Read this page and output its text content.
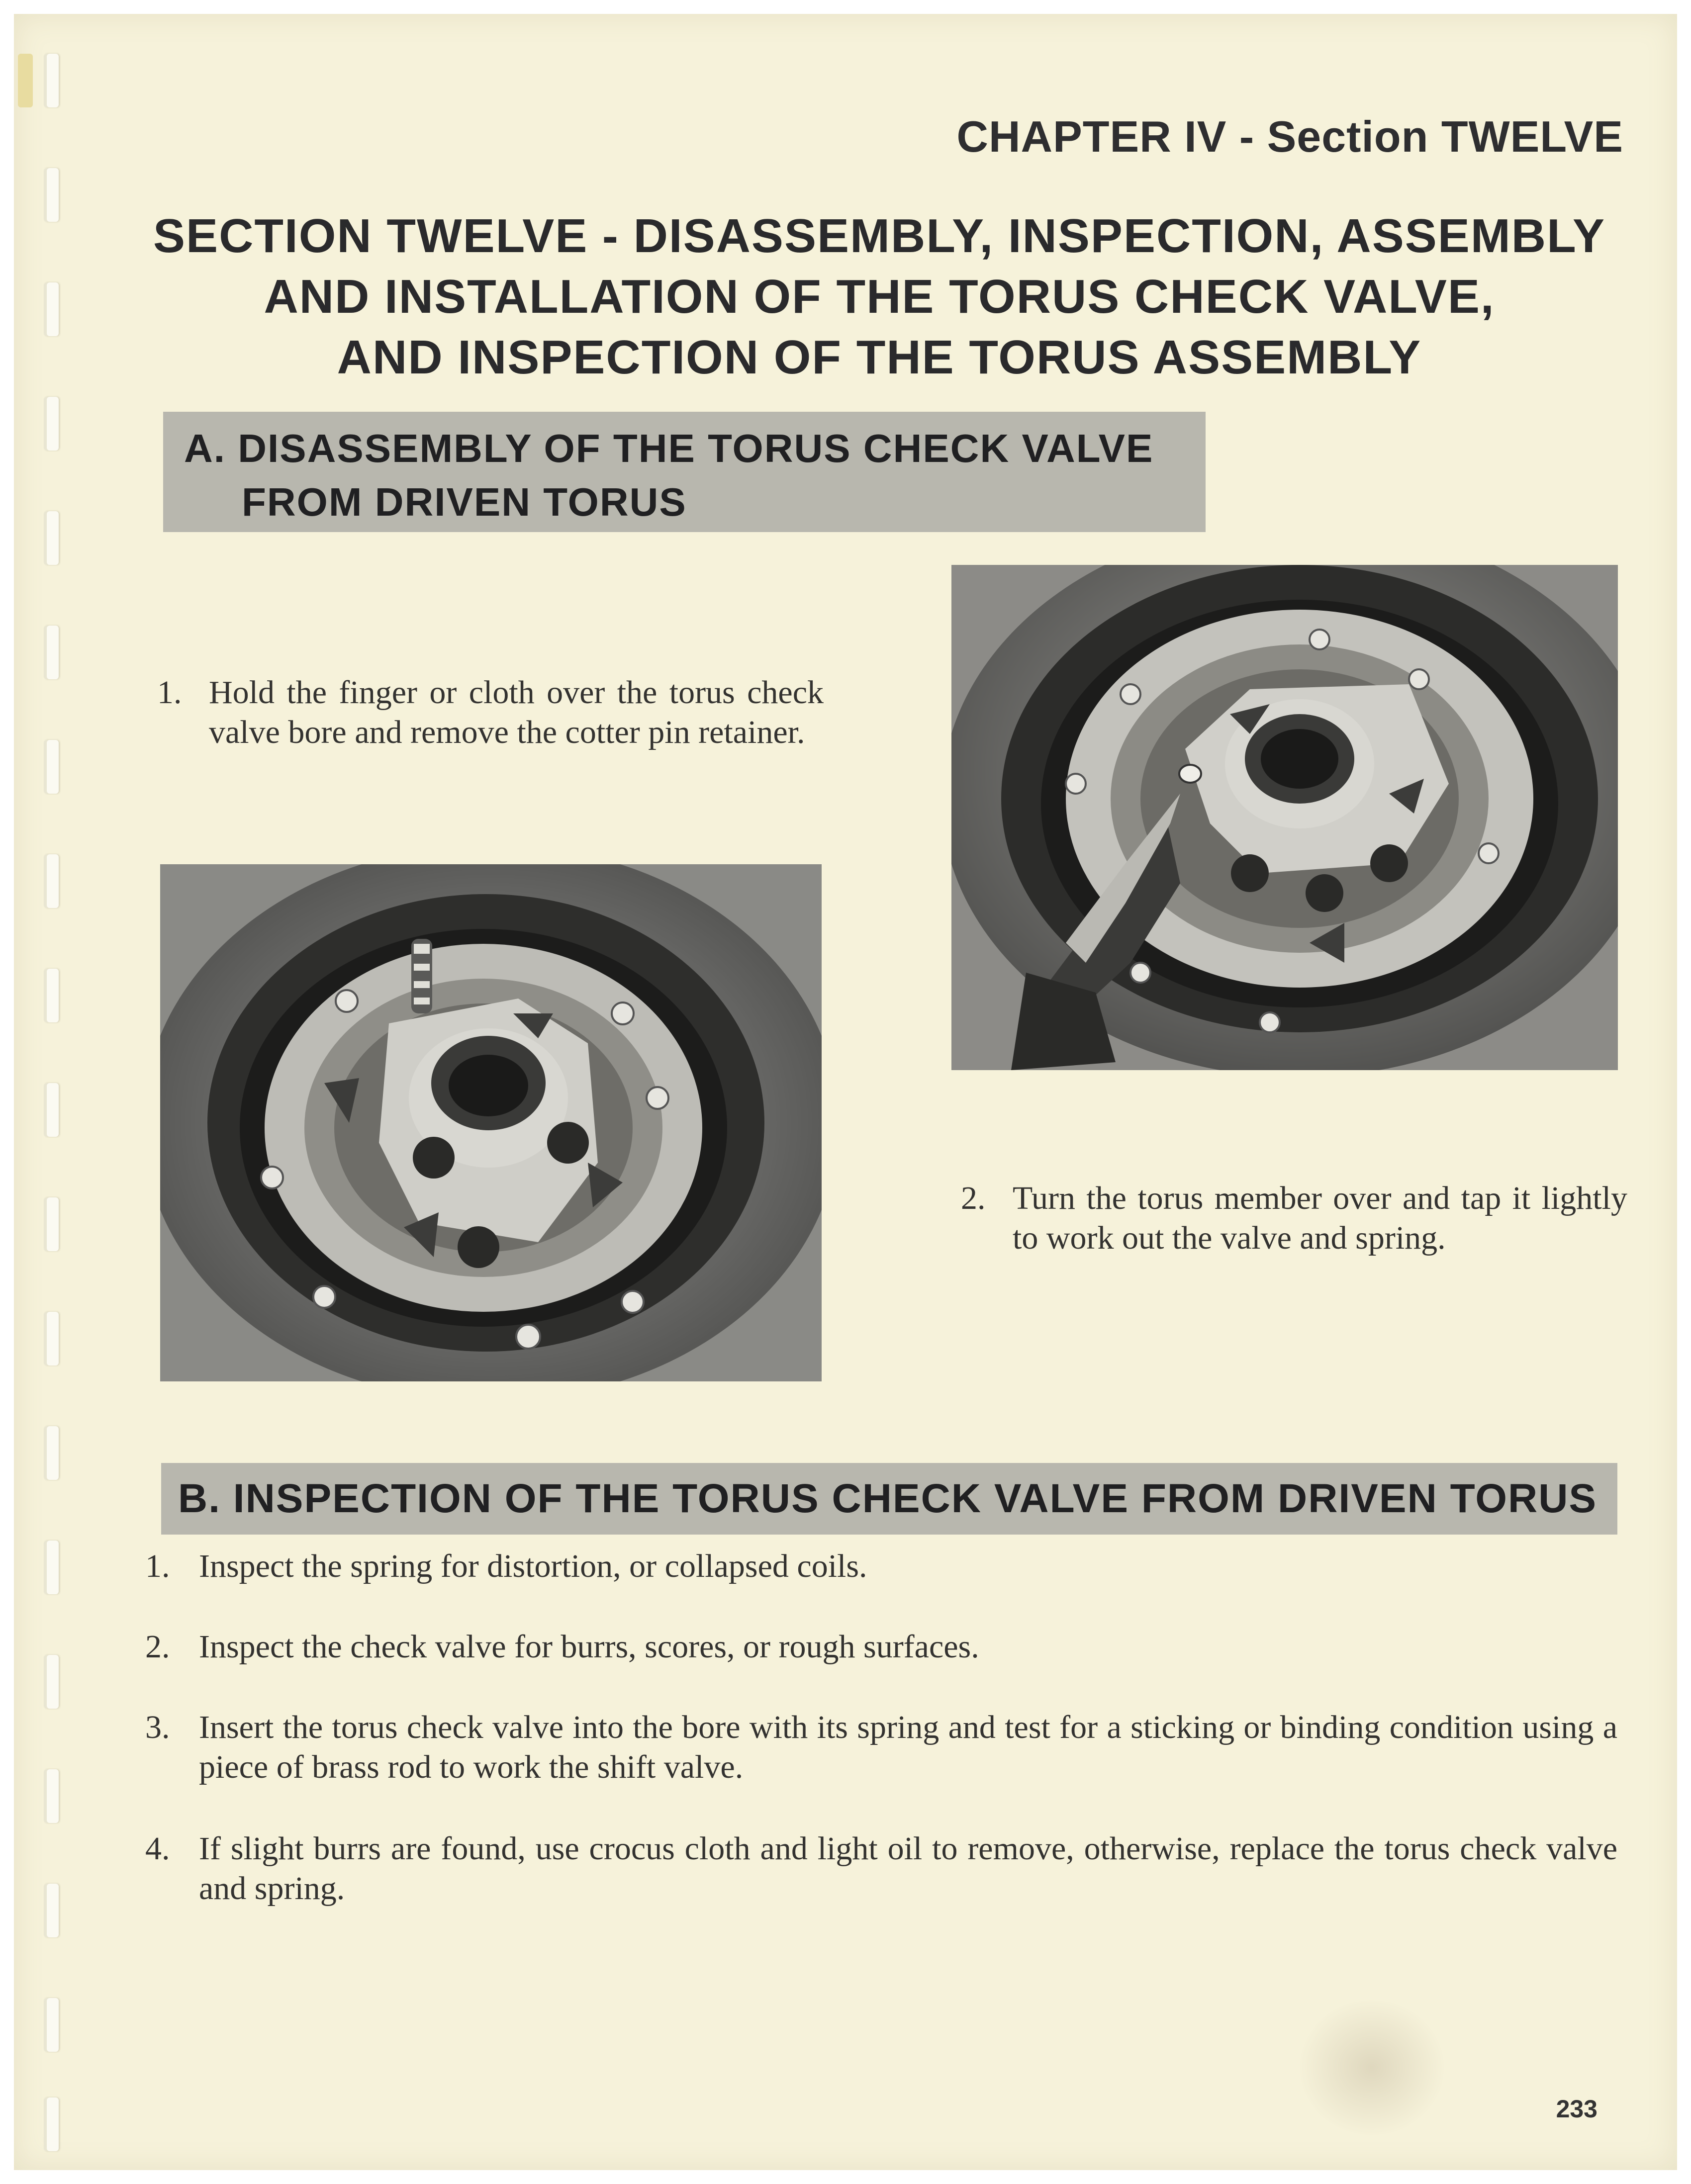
CHAPTER IV - Section TWELVE
SECTION TWELVE - DISASSEMBLY, INSPECTION, ASSEMBLY
AND INSTALLATION OF THE TORUS CHECK VALVE,
AND INSPECTION OF THE TORUS ASSEMBLY
A. DISASSEMBLY OF THE TORUS CHECK VALVE
FROM DRIVEN TORUS
1. Hold the finger or cloth over the torus check valve bore and remove the cotter pin retainer.
2. Turn the torus member over and tap it lightly to work out the valve and spring.
B. INSPECTION OF THE TORUS CHECK VALVE FROM DRIVEN TORUS
1. Inspect the spring for distortion, or collapsed coils.
2. Inspect the check valve for burrs, scores, or rough surfaces.
3. Insert the torus check valve into the bore with its spring and test for a sticking or binding condition using a piece of brass rod to work the shift valve.
4. If slight burrs are found, use crocus cloth and light oil to remove, otherwise, replace the torus check valve and spring.
233
